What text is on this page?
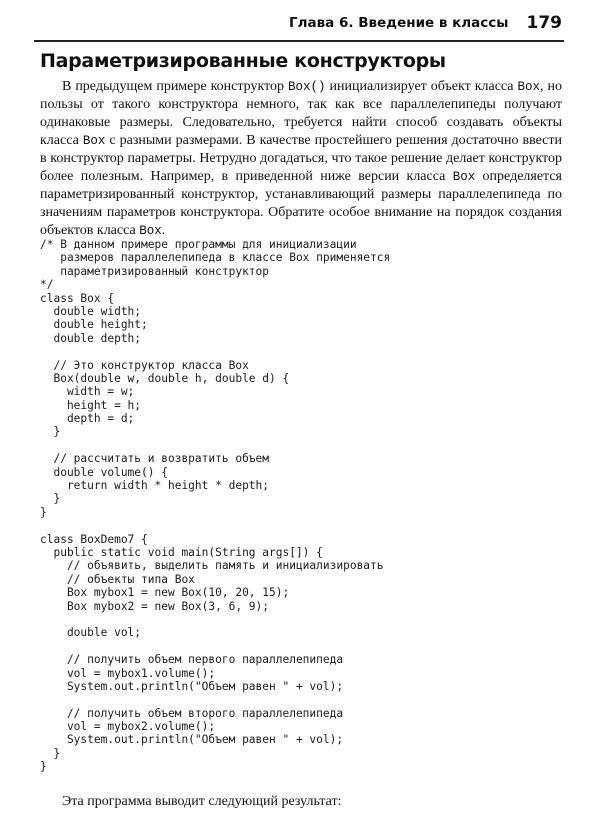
Глава 6. Введение в классы 179
Параметризированные конструкторы

В предыдущем примере конструктор Box() инициализирует объект класса Box, но пользы от такого конструктора немного, так как все параллелепипеды получают одинаковые размеры. Следовательно, требуется найти способ создавать объекты класса Box с разными размерами. В качестве простейшего решения достаточно ввести в конструктор параметры. Нетрудно догадаться, что такое решение делает конструктор более полезным. Например, в приведенной ниже версии класса Box определяется параметризированный конструктор, устанавливающий размеры параллелепипеда по значениям параметров конструктора. Обратите особое внимание на порядок создания объектов класса Box.

/* В данном примере программы для инициализации
размеров параллелепипеда в классе Box применяется
параметризированный конструктор
*/
class Box {
double width;
double height;
double depth;
// Это конструктор класса Box
Box(double w, double h, double d) {
width = w;
height = h;
depth = d;
}
// рассчитать и возвратить объем
double volume() {
return width * height * depth;
}
}
class BoxDemo7 {
public static void main(String args[]) {
// объявить, выделить память и инициализировать
// объекты типа Box
Box mybox1 = new Box(10, 20, 15);
Box mybox2 = new Box(3, 6, 9);
double vol;
// получить объем первого параллелепипеда
vol = mybox1.volume();
System.out.println("Объем равен " + vol);
// получить объем второго параллелепипеда
vol = mybox2.volume();
System.out.println("Объем равен " + vol);
}
}

Эта программа выводит следующий результат:
